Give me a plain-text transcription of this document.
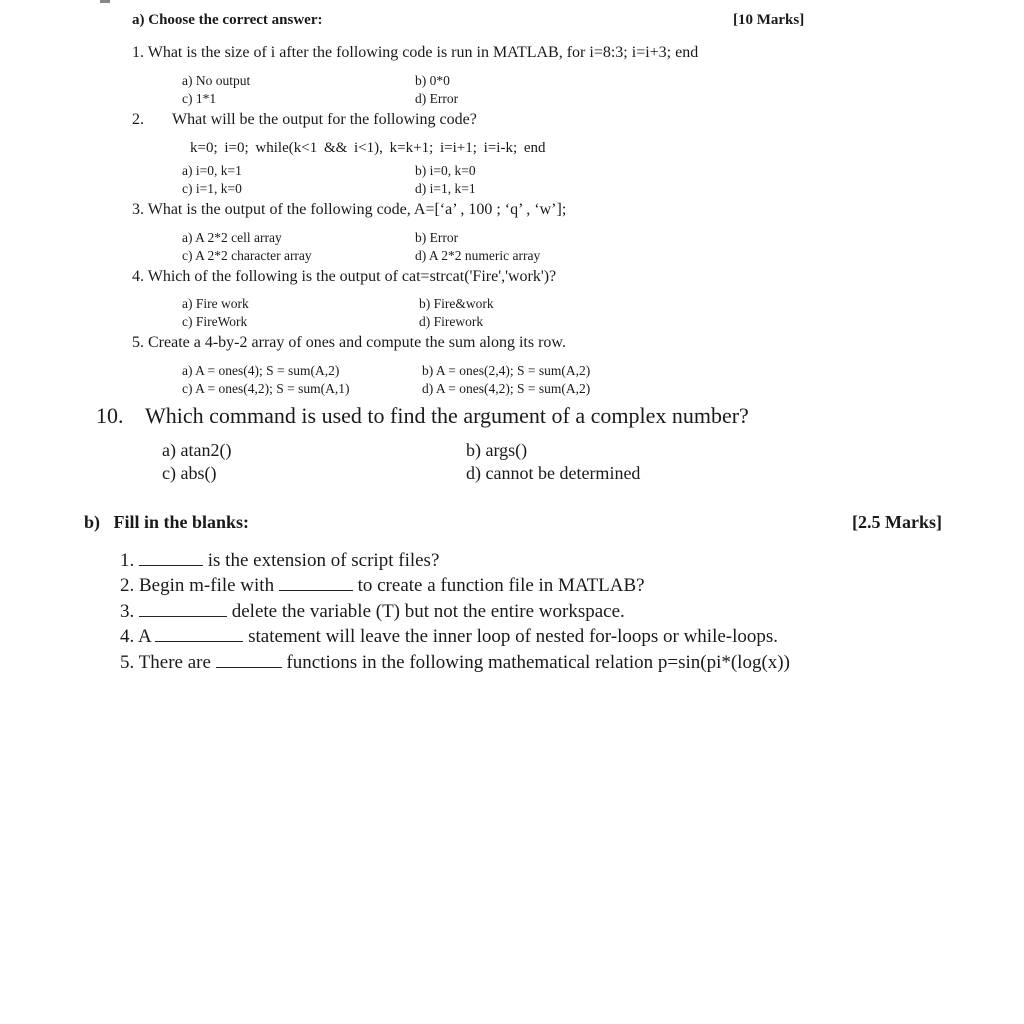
a) Choose the correct answer:	[10 Marks]
1. What is the size of i after the following code is run in MATLAB, for i=8:3; i=i+3; end
a) No output	b) 0*0
c) 1*1	d) Error
2. What will be the output for the following code?
k=0; i=0; while(k<1 && i<1), k=k+1; i=i+1; i=i-k; end
a) i=0, k=1	b) i=0, k=0
c) i=1, k=0	d) i=1, k=1
3. What is the output of the following code, A=[‘a’ , 100 ; ‘q’ , ‘w’];
a) A 2*2 cell array	b) Error
c) A 2*2 character array	d) A 2*2 numeric array
4. Which of the following is the output of cat=strcat('Fire','work')?
a) Fire work	b) Fire&work
c) FireWork	d) Firework
5. Create a 4-by-2 array of ones and compute the sum along its row.
a) A = ones(4); S = sum(A,2)	b) A = ones(2,4); S = sum(A,2)
c) A = ones(4,2); S = sum(A,1)	d) A = ones(4,2); S = sum(A,2)
10. Which command is used to find the argument of a complex number?
a) atan2()	b) args()
c) abs()	d) cannot be determined
b)   Fill in the blanks:	[2.5 Marks]
1.	is the extension of script files?
2. Begin m-file with	to create a function file in MATLAB?
3.	delete the variable (T) but not the entire workspace.
4. A	statement will leave the inner loop of nested for-loops or while-loops.
5. There are	functions in the following mathematical relation p=sin(pi*(log(x))
